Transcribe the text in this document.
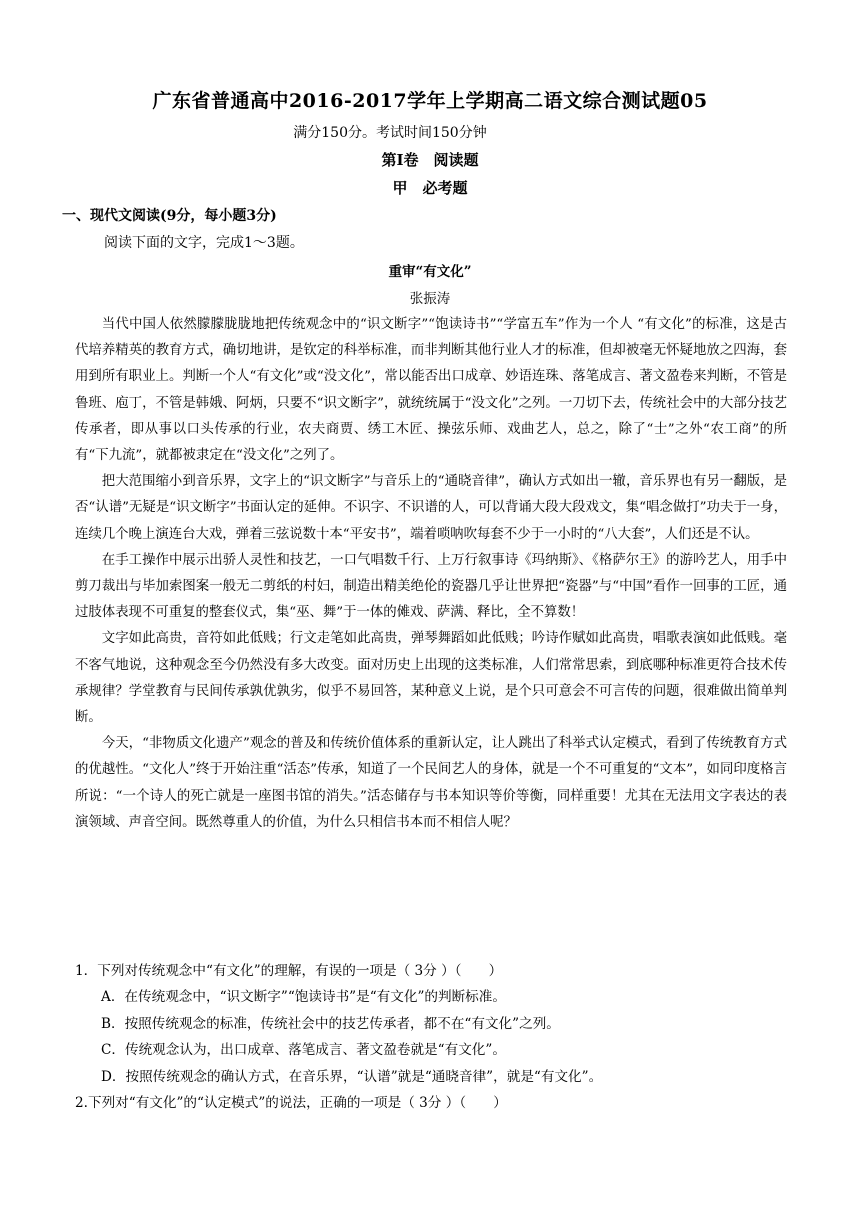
广东省普通高中2016-2017学年上学期高二语文综合测试题05
满分150分。考试时间150分钟
第Ⅰ卷　阅读题
甲　必考题
一、现代文阅读(9分，每小题3分)
阅读下面的文字，完成1～3题。
重审“有文化”
张振涛

当代中国人依然朦朦胧胧地把传统观念中的“识文断字”“饱读诗书”“学富五车”作为一个人 “有文化”的标准，这是古代培养精英的教育方式，确切地讲，是钦定的科举标准，而非判断其他行业人才的标准，但却被毫无怀疑地放之四海，套用到所有职业上。判断一个人“有文化”或“没文化”，常以能否出口成章、妙语连珠、落笔成言、著文盈卷来判断，不管是鲁班、庖丁，不管是韩娥、阿炳，只要不“识文断字”，就统统属于“没文化”之列。一刀切下去，传统社会中的大部分技艺传承者，即从事以口头传承的行业，农夫商贾、绣工木匠、操弦乐师、戏曲艺人，总之，除了“士”之外“农工商”的所有“下九流”，就都被隶定在“没文化”之列了。

把大范围缩小到音乐界，文字上的“识文断字”与音乐上的“通晓音律”，确认方式如出一辙，音乐界也有另一翻版，是否“认谱”无疑是“识文断字”书面认定的延伸。不识字、不识谱的人，可以背诵大段大段戏文，集“唱念做打”功夫于一身，连续几个晚上演连台大戏，弹着三弦说数十本“平安书”，端着唢呐吹每套不少于一小时的“八大套”，人们还是不认。

在手工操作中展示出骄人灵性和技艺，一口气唱数千行、上万行叙事诗《玛纳斯》、《格萨尔王》的游吟艺人，用手中剪刀裁出与毕加索图案一般无二剪纸的村妇，制造出精美绝伦的瓷器几乎让世界把“瓷器”与“中国”看作一回事的工匠，通过肢体表现不可重复的整套仪式，集“巫、舞”于一体的傩戏、萨满、释比，全不算数！

文字如此高贵，音符如此低贱；行文走笔如此高贵，弹琴舞蹈如此低贱；吟诗作赋如此高贵，唱歌表演如此低贱。毫不客气地说，这种观念至今仍然没有多大改变。面对历史上出现的这类标准，人们常常思索，到底哪种标准更符合技术传承规律？学堂教育与民间传承孰优孰劣，似乎不易回答，某种意义上说，是个只可意会不可言传的问题，很难做出简单判断。

今天，“非物质文化遗产”观念的普及和传统价值体系的重新认定，让人跳出了科举式认定模式，看到了传统教育方式的优越性。“文化人”终于开始注重“活态”传承，知道了一个民间艺人的身体，就是一个不可重复的“文本”，如同印度格言所说：“一个诗人的死亡就是一座图书馆的消失。”活态储存与书本知识等价等衡，同样重要！尤其在无法用文字表达的表演领域、声音空间。既然尊重人的价值，为什么只相信书本而不相信人呢？

1．下列对传统观念中“有文化”的理解，有误的一项是（ 3分 ）（　　）

A．在传统观念中，“识文断字”“饱读诗书”是“有文化”的判断标准。

B．按照传统观念的标准，传统社会中的技艺传承者，都不在“有文化”之列。

C．传统观念认为，出口成章、落笔成言、著文盈卷就是“有文化”。

D．按照传统观念的确认方式，在音乐界，“认谱”就是“通晓音律”，就是“有文化”。

2.下列对“有文化”的“认定模式”的说法，正确的一项是（ 3分 ）（　　）
